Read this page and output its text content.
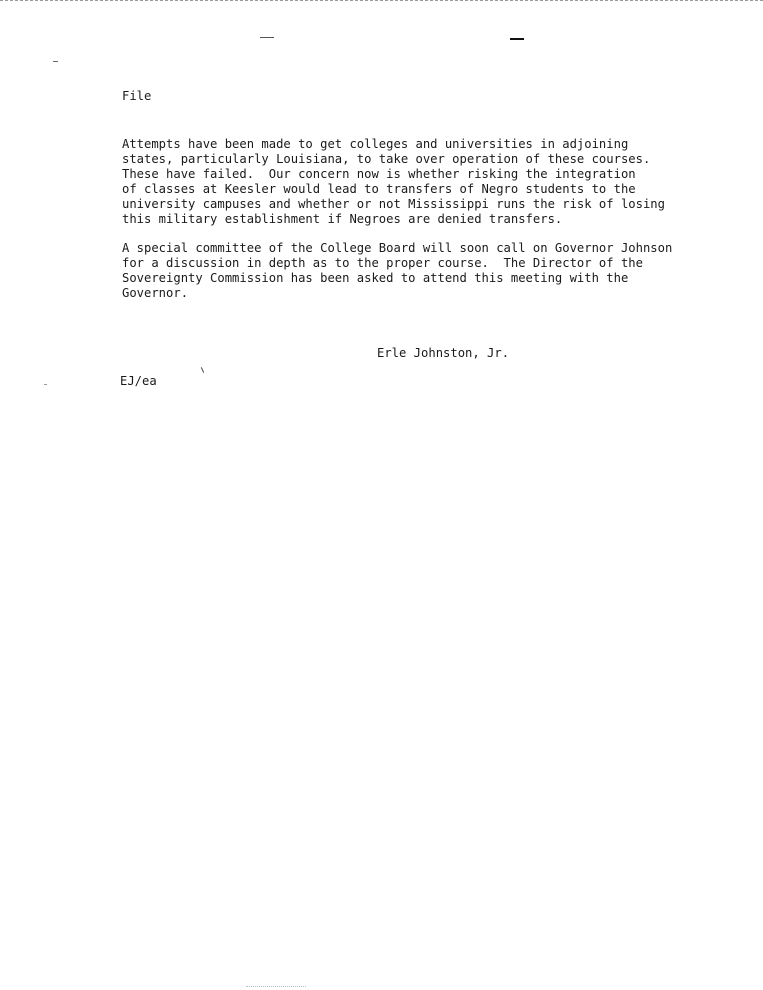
File
Attempts have been made to get colleges and universities in adjoining
states, particularly Louisiana, to take over operation of these courses.
These have failed.  Our concern now is whether risking the integration
of classes at Keesler would lead to transfers of Negro students to the
university campuses and whether or not Mississippi runs the risk of losing
this military establishment if Negroes are denied transfers.
A special committee of the College Board will soon call on Governor Johnson
for a discussion in depth as to the proper course.  The Director of the
Sovereignty Commission has been asked to attend this meeting with the
Governor.
Erle Johnston, Jr.
EJ/ea
